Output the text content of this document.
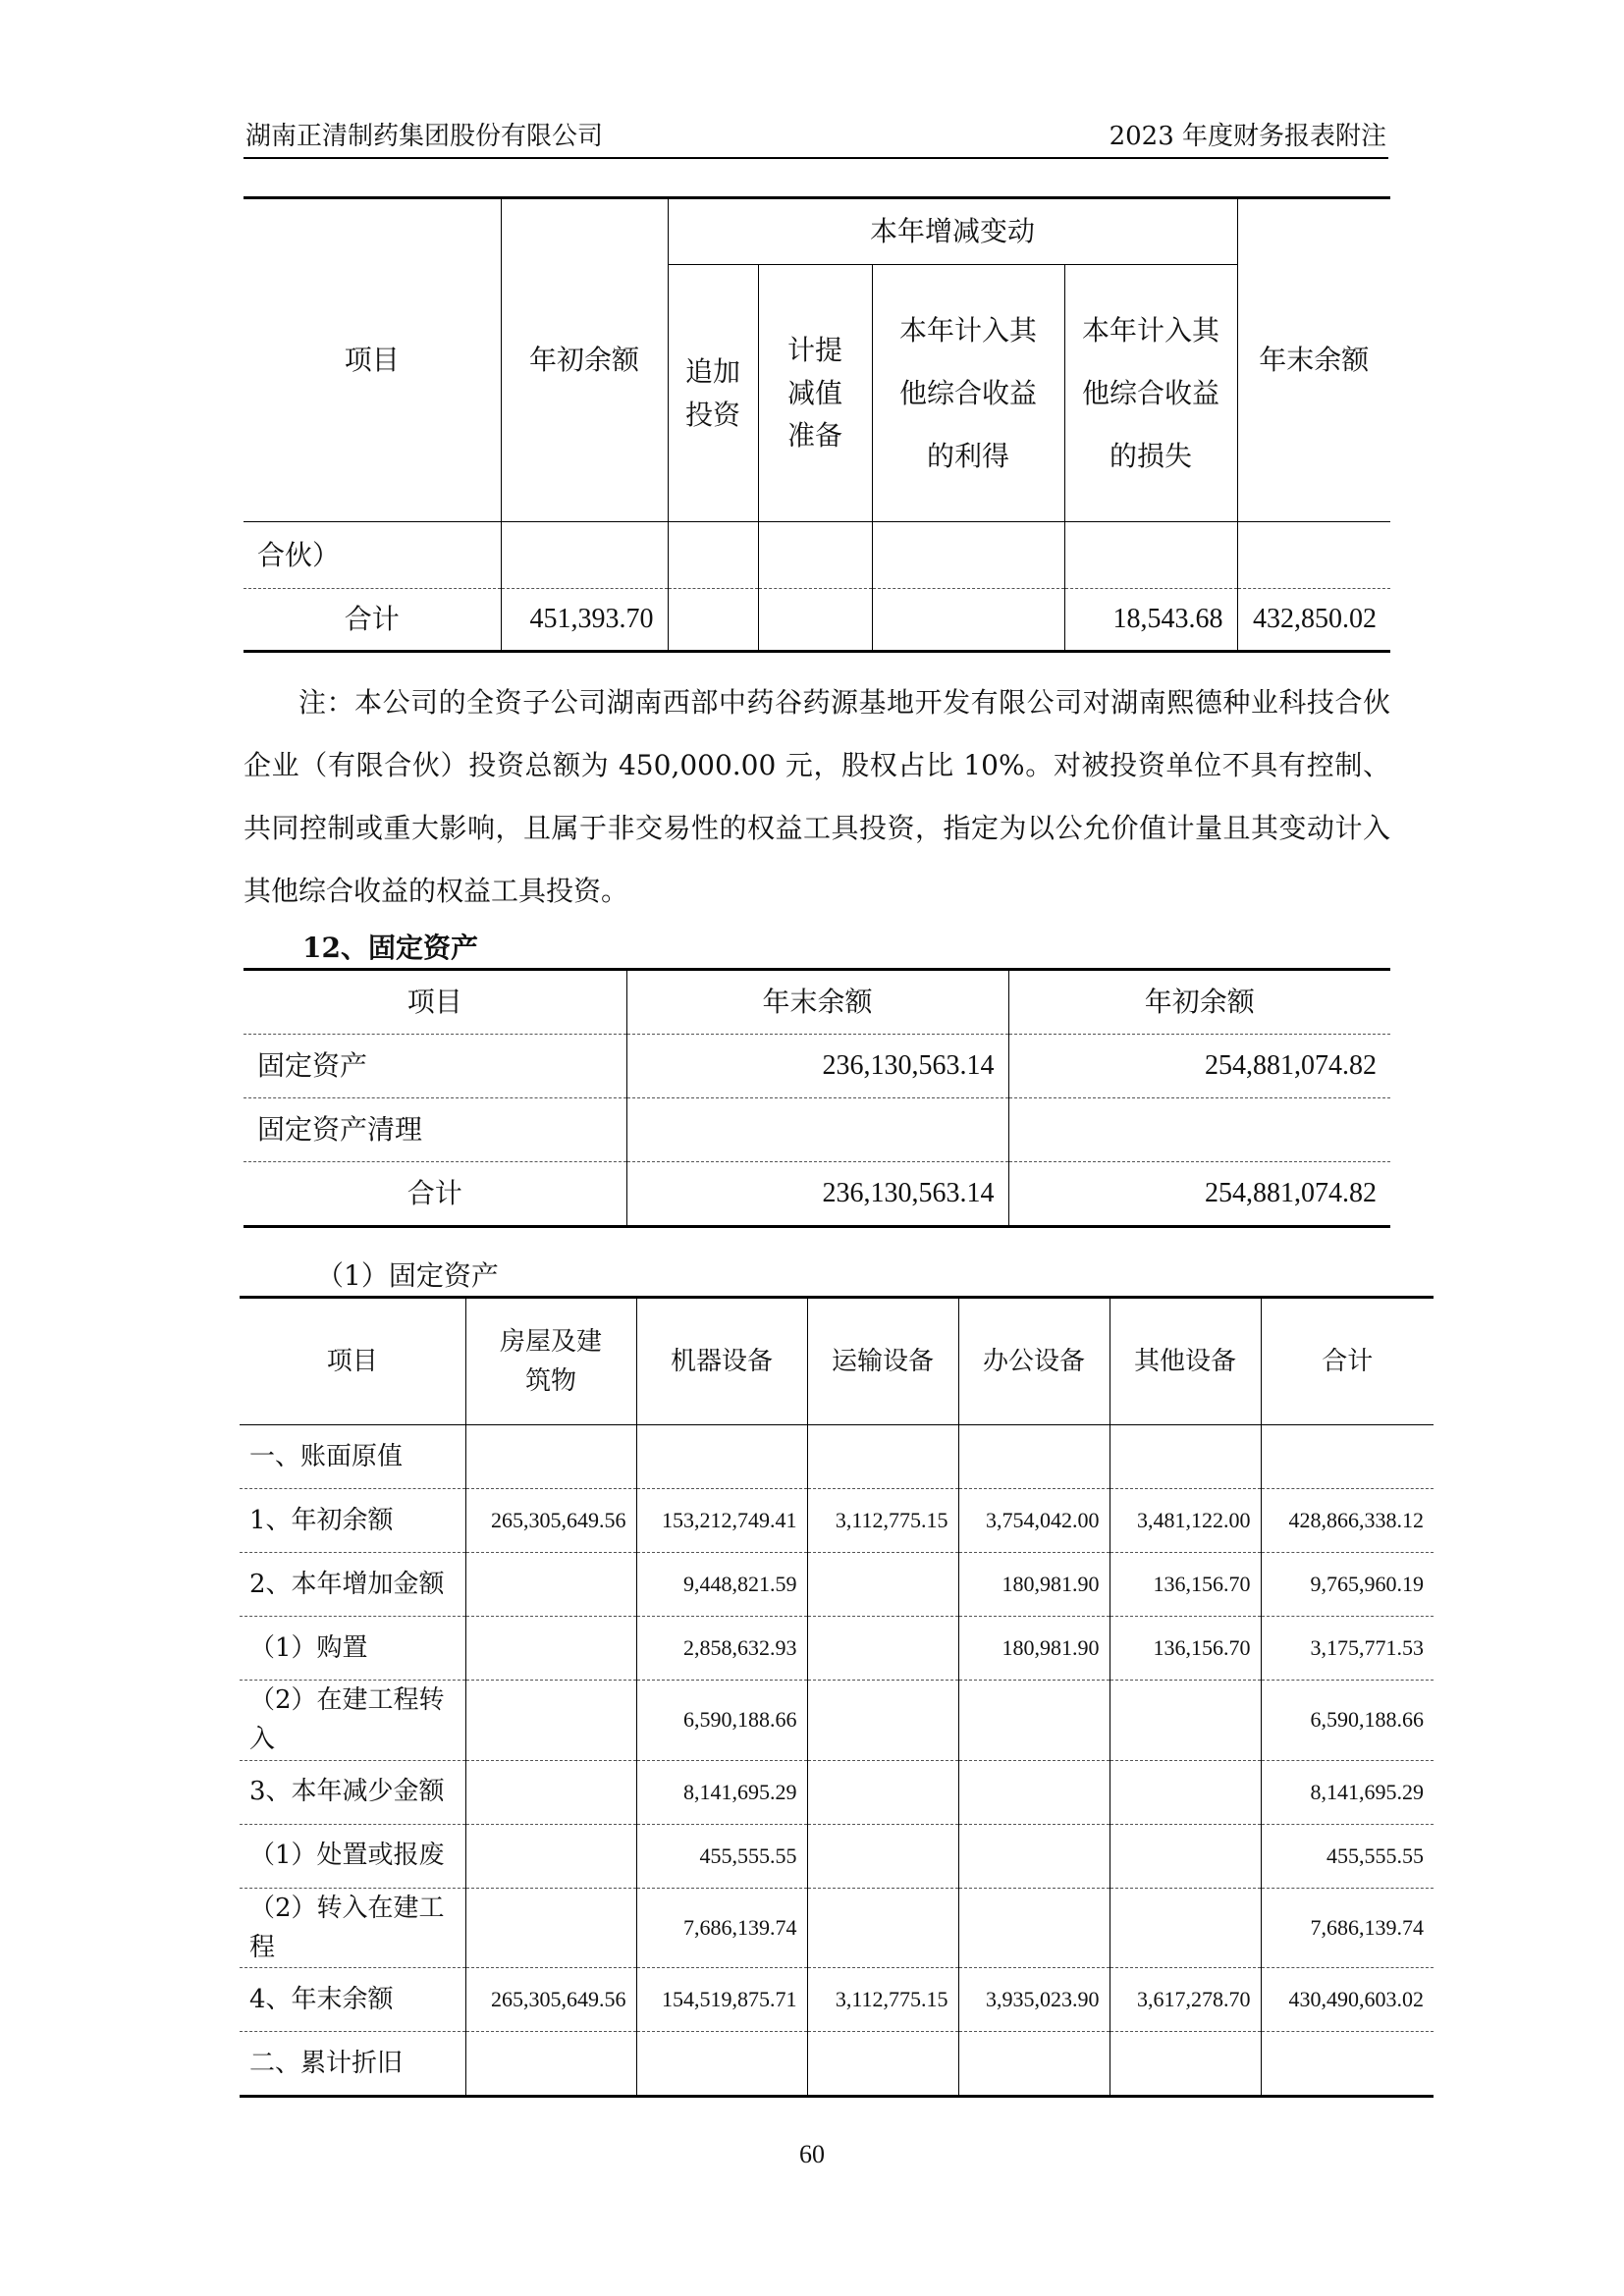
湖南正清制药集团股份有限公司	2023 年度财务报表附注
项目	年初余额	本年增减变动				年末余额
		追加投资	计提减值准备	本年计入其他综合收益的利得	本年计入其他综合收益的损失	
合伙）						
合计	451,393.70				18,543.68	432,850.02
注：本公司的全资子公司湖南西部中药谷药源基地开发有限公司对湖南熙德种业科技合伙企业（有限合伙）投资总额为 450,000.00 元，股权占比 10%。对被投资单位不具有控制、共同控制或重大影响，且属于非交易性的权益工具投资，指定为以公允价值计量且其变动计入其他综合收益的权益工具投资。
12、固定资产
项目	年末余额	年初余额
固定资产	236,130,563.14	254,881,074.82
固定资产清理		
合计	236,130,563.14	254,881,074.82
（1）固定资产
项目	房屋及建筑物	机器设备	运输设备	办公设备	其他设备	合计
一、账面原值						
1、年初余额	265,305,649.56	153,212,749.41	3,112,775.15	3,754,042.00	3,481,122.00	428,866,338.12
2、本年增加金额		9,448,821.59		180,981.90	136,156.70	9,765,960.19
（1）购置		2,858,632.93		180,981.90	136,156.70	3,175,771.53
（2）在建工程转入		6,590,188.66				6,590,188.66
3、本年减少金额		8,141,695.29				8,141,695.29
（1）处置或报废		455,555.55				455,555.55
（2）转入在建工程		7,686,139.74				7,686,139.74
4、年末余额	265,305,649.56	154,519,875.71	3,112,775.15	3,935,023.90	3,617,278.70	430,490,603.02
二、累计折旧						
60
